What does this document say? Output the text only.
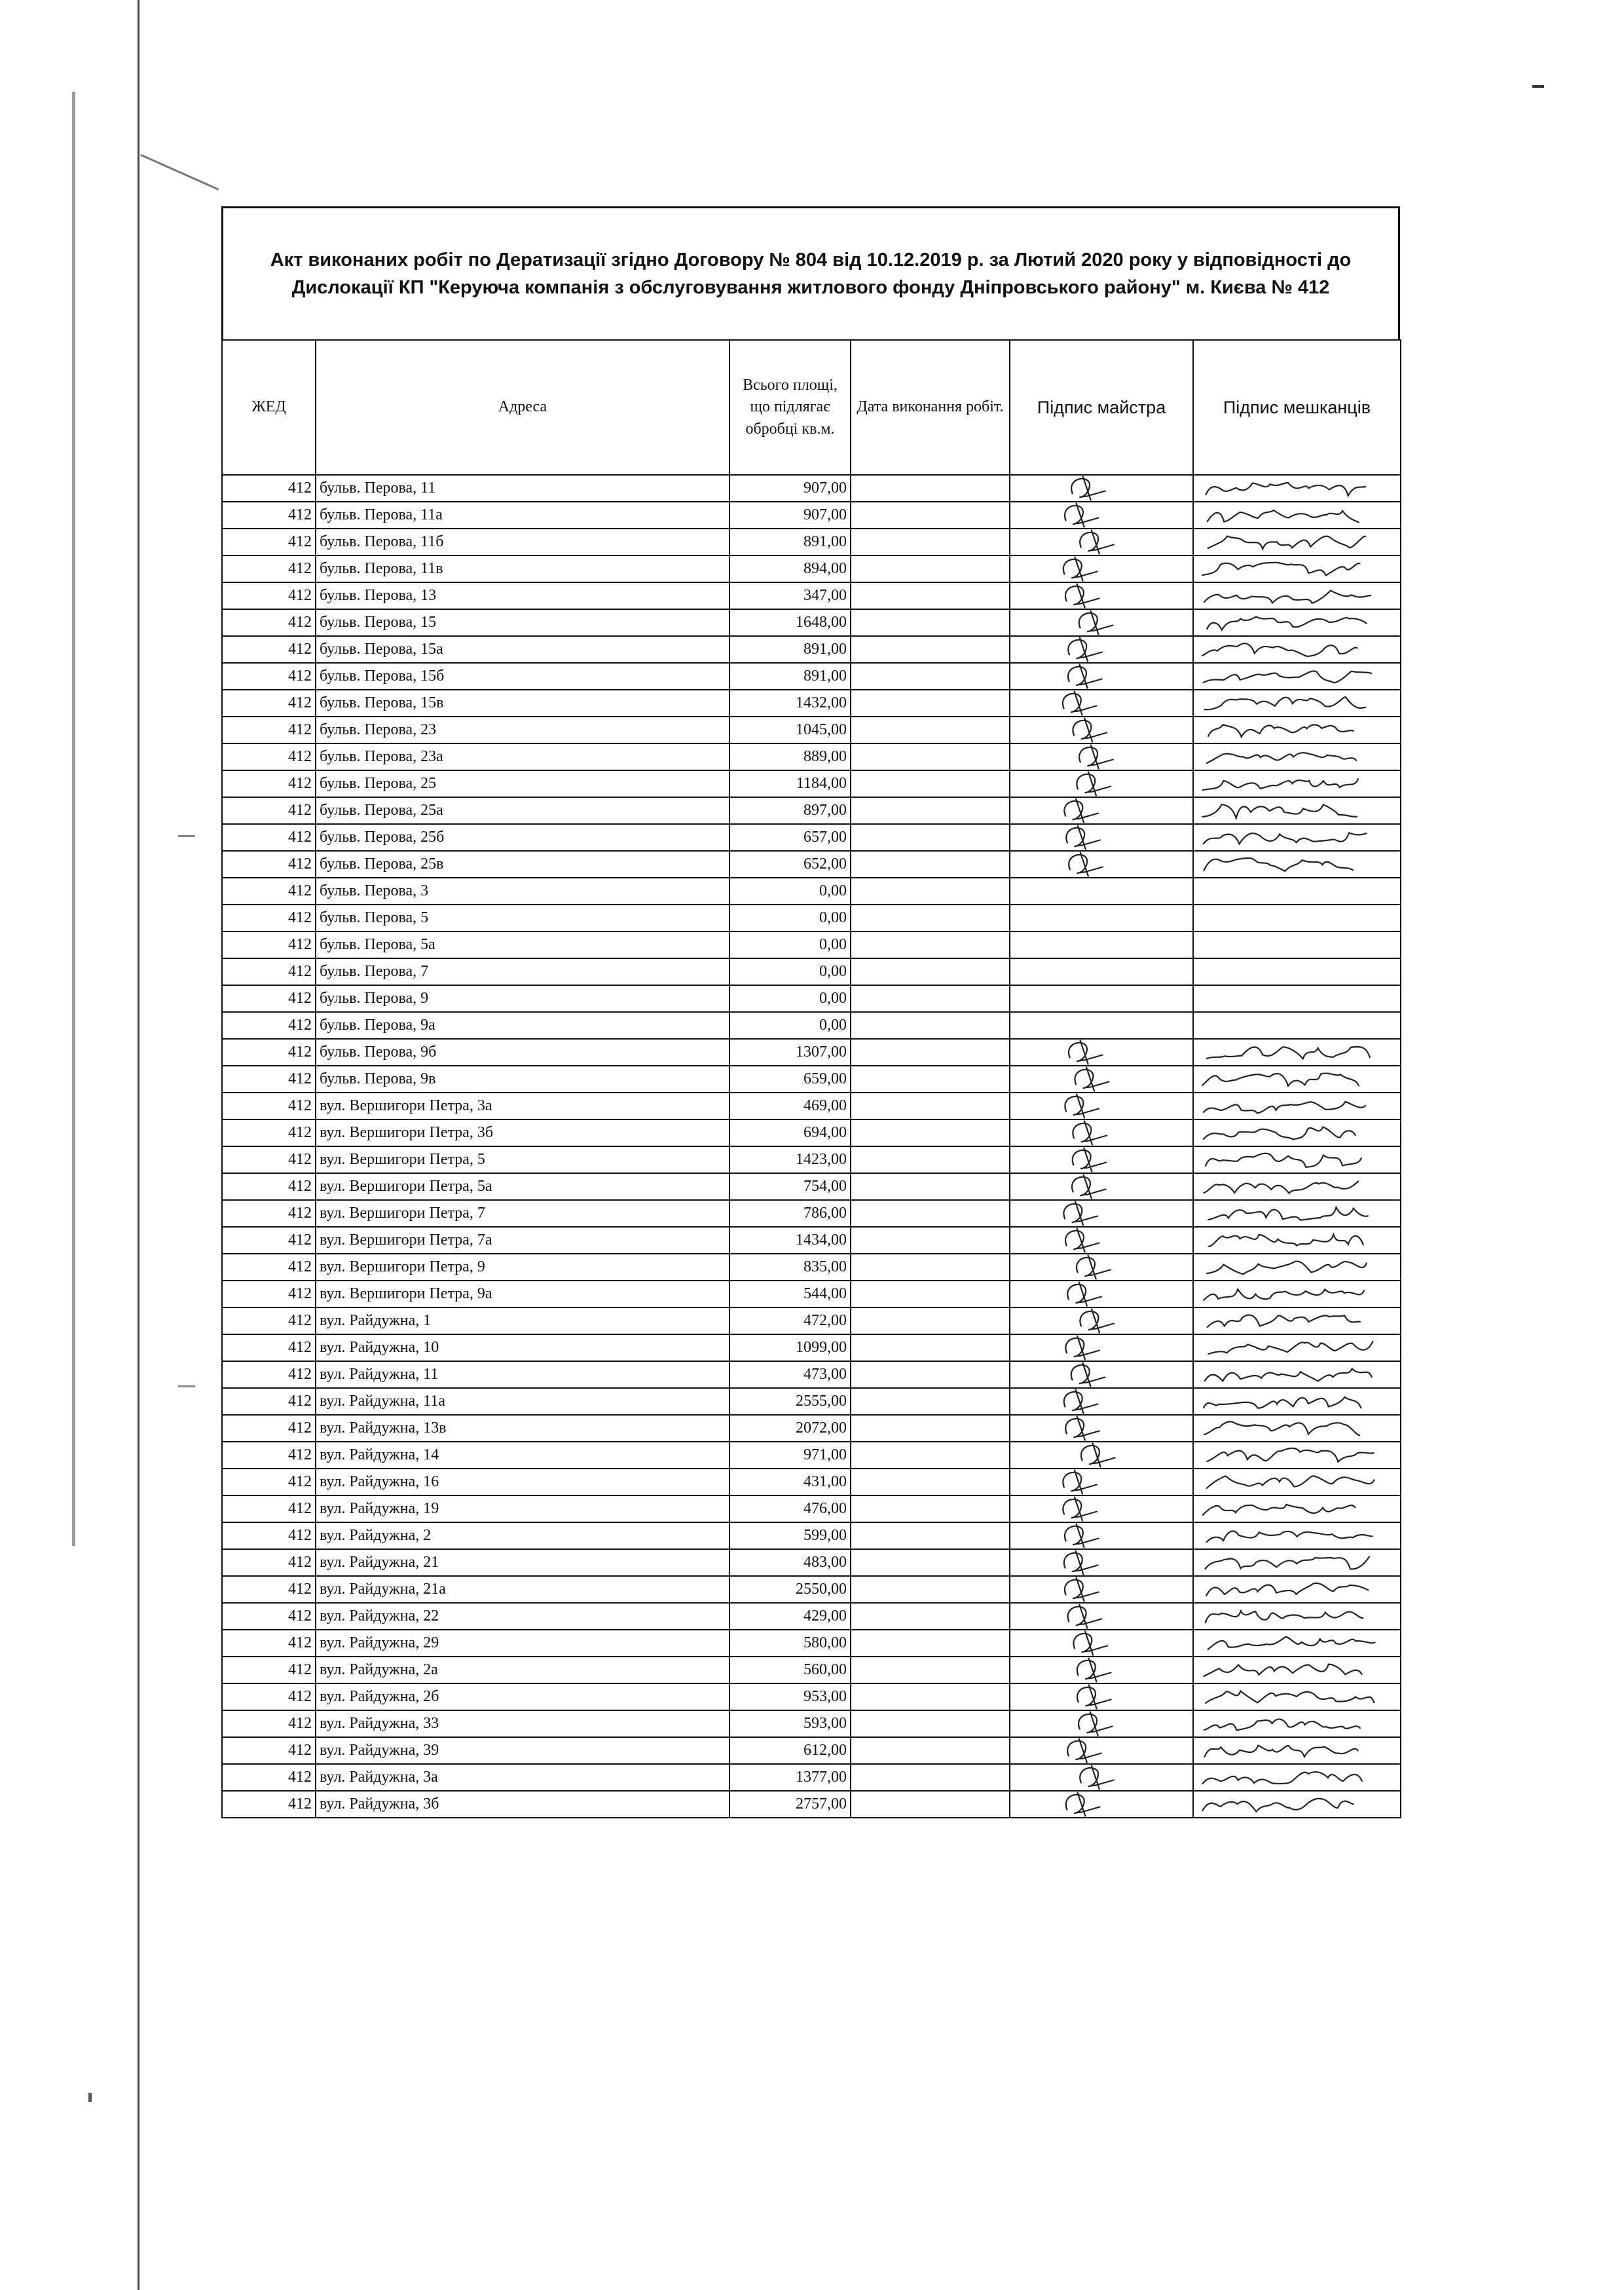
Акт виконаних робіт по Дератизації згідно Договору № 804 від 10.12.2019 р. за Лютий 2020 року у відповідності до Дислокації КП "Керуюча компанія з обслуговування житлового фонду Дніпровського району" м. Києва № 412
ЖЕД	Адреса	Всього площі, що підлягає обробці кв.м.	Дата виконання робіт.	Підпис майстра	Підпис мешканців
412	бульв. Перова, 11	907,00		

412	бульв. Перова, 11а	907,00		

412	бульв. Перова, 11б	891,00		

412	бульв. Перова, 11в	894,00		

412	бульв. Перова, 13	347,00		

412	бульв. Перова, 15	1648,00		

412	бульв. Перова, 15а	891,00		

412	бульв. Перова, 15б	891,00		

412	бульв. Перова, 15в	1432,00		

412	бульв. Перова, 23	1045,00		

412	бульв. Перова, 23а	889,00		

412	бульв. Перова, 25	1184,00		

412	бульв. Перова, 25а	897,00		

412	бульв. Перова, 25б	657,00		

412	бульв. Перова, 25в	652,00		

412	бульв. Перова, 3	0,00			
412	бульв. Перова, 5	0,00			
412	бульв. Перова, 5а	0,00			
412	бульв. Перова, 7	0,00			
412	бульв. Перова, 9	0,00			
412	бульв. Перова, 9а	0,00			
412	бульв. Перова, 9б	1307,00		

412	бульв. Перова, 9в	659,00		

412	вул. Вершигори Петра, 3а	469,00		

412	вул. Вершигори Петра, 3б	694,00		

412	вул. Вершигори Петра, 5	1423,00		

412	вул. Вершигори Петра, 5а	754,00		

412	вул. Вершигори Петра, 7	786,00		

412	вул. Вершигори Петра, 7а	1434,00		

412	вул. Вершигори Петра, 9	835,00		

412	вул. Вершигори Петра, 9а	544,00		

412	вул. Райдужна, 1	472,00		

412	вул. Райдужна, 10	1099,00		

412	вул. Райдужна, 11	473,00		

412	вул. Райдужна, 11а	2555,00		

412	вул. Райдужна, 13в	2072,00		

412	вул. Райдужна, 14	971,00		

412	вул. Райдужна, 16	431,00		

412	вул. Райдужна, 19	476,00		

412	вул. Райдужна, 2	599,00		

412	вул. Райдужна, 21	483,00		

412	вул. Райдужна, 21а	2550,00		

412	вул. Райдужна, 22	429,00		

412	вул. Райдужна, 29	580,00		

412	вул. Райдужна, 2а	560,00		

412	вул. Райдужна, 2б	953,00		

412	вул. Райдужна, 33	593,00		

412	вул. Райдужна, 39	612,00		

412	вул. Райдужна, 3а	1377,00		

412	вул. Райдужна, 3б	2757,00		
